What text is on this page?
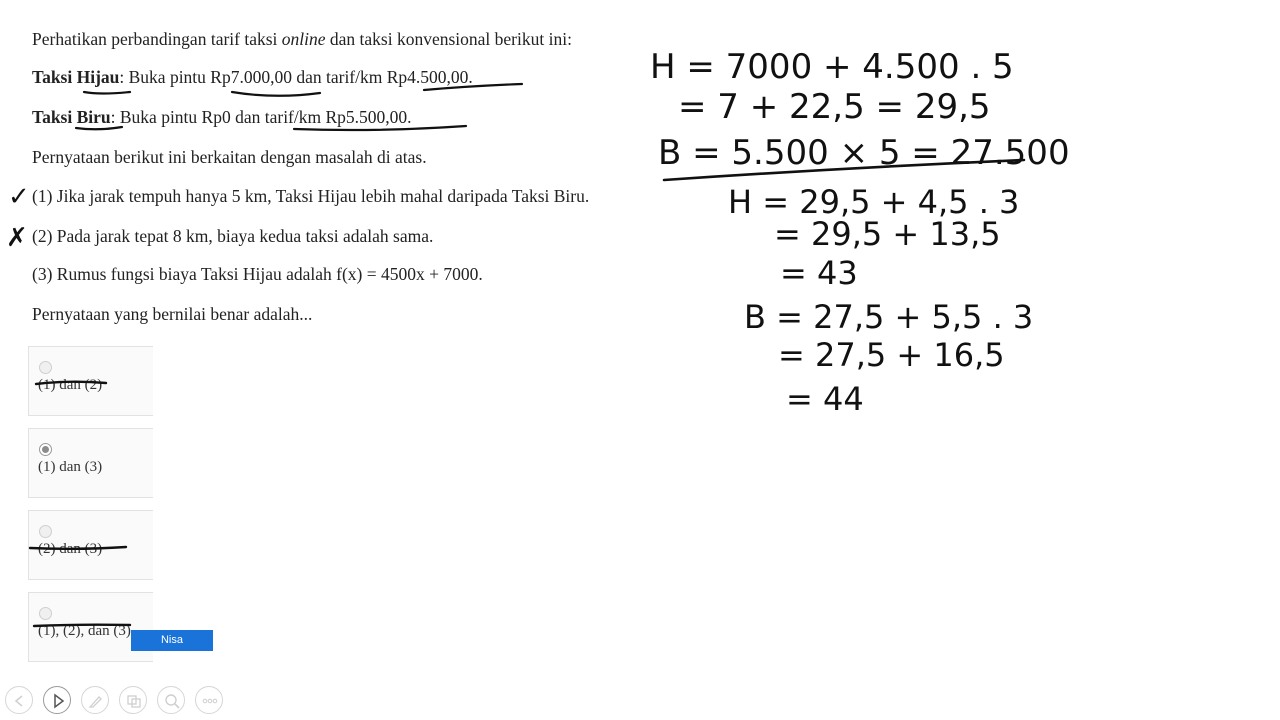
Perhatikan perbandingan tarif taksi online dan taksi konvensional berikut ini:
Taksi Hijau: Buka pintu Rp7.000,00 dan tarif/km Rp4.500,00.
Taksi Biru: Buka pintu Rp0 dan tarif/km Rp5.500,00.
Pernyataan berikut ini berkaitan dengan masalah di atas.
(1) Jika jarak tempuh hanya 5 km, Taksi Hijau lebih mahal daripada Taksi Biru.
(2) Pada jarak tepat 8 km, biaya kedua taksi adalah sama.
(3) Rumus fungsi biaya Taksi Hijau adalah f(x) = 4500x + 7000.
Pernyataan yang bernilai benar adalah...
(1) dan (2)
(1) dan (3)
(2) dan (3)
(1), (2), dan (3)
Nisa
✓
✗
H = 7000 + 4.500 . 5
= 7 + 22,5 = 29,5
B = 5.500 × 5 = 27.500
H = 29,5 + 4,5 . 3
= 29,5 + 13,5
= 43
B = 27,5 + 5,5 . 3
= 27,5 + 16,5
= 44
